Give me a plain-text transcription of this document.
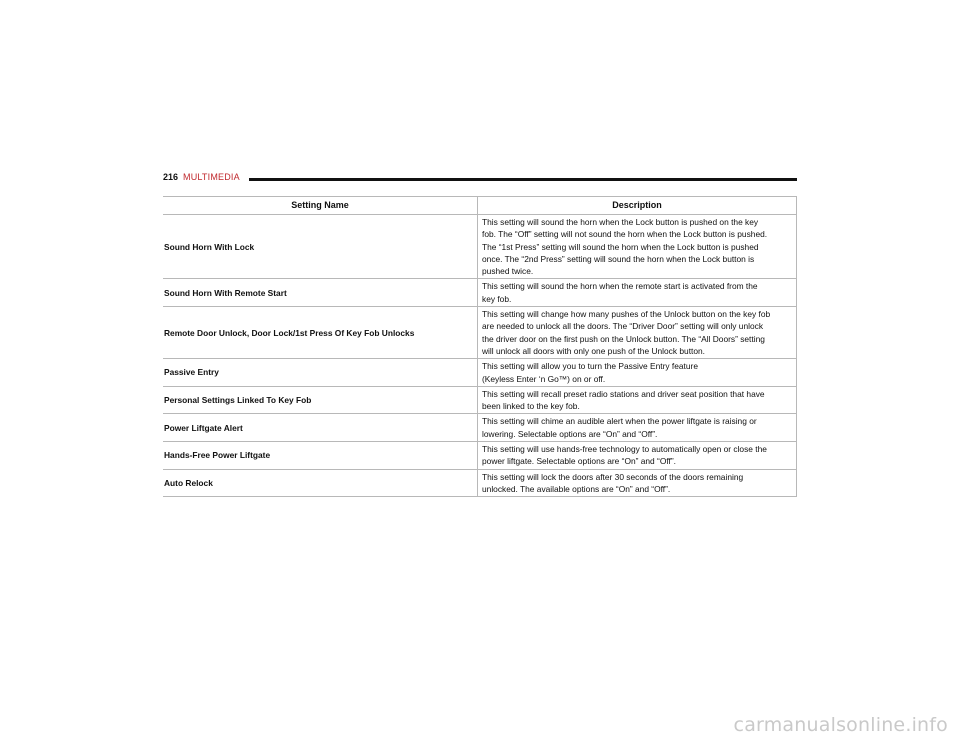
216 MULTIMEDIA
Setting Name	Description
Sound Horn With Lock	This setting will sound the horn when the Lock button is pushed on the key
fob. The “Off” setting will not sound the horn when the Lock button is pushed.
The “1st Press” setting will sound the horn when the Lock button is pushed
once. The “2nd Press” setting will sound the horn when the Lock button is
pushed twice.
Sound Horn With Remote Start	This setting will sound the horn when the remote start is activated from the
key fob.
Remote Door Unlock, Door Lock/1st Press Of Key Fob Unlocks	This setting will change how many pushes of the Unlock button on the key fob
are needed to unlock all the doors. The “Driver Door” setting will only unlock
the driver door on the first push on the Unlock button. The “All Doors” setting
will unlock all doors with only one push of the Unlock button.
Passive Entry	This setting will allow you to turn the Passive Entry feature
(Keyless Enter ‘n Go™) on or off.
Personal Settings Linked To Key Fob	This setting will recall preset radio stations and driver seat position that have
been linked to the key fob.
Power Liftgate Alert	This setting will chime an audible alert when the power liftgate is raising or
lowering. Selectable options are “On” and “Off”.
Hands-Free Power Liftgate	This setting will use hands-free technology to automatically open or close the
power liftgate. Selectable options are “On” and “Off”.
Auto Relock	This setting will lock the doors after 30 seconds of the doors remaining
unlocked. The available options are “On” and “Off”.
carmanualsonline.info
